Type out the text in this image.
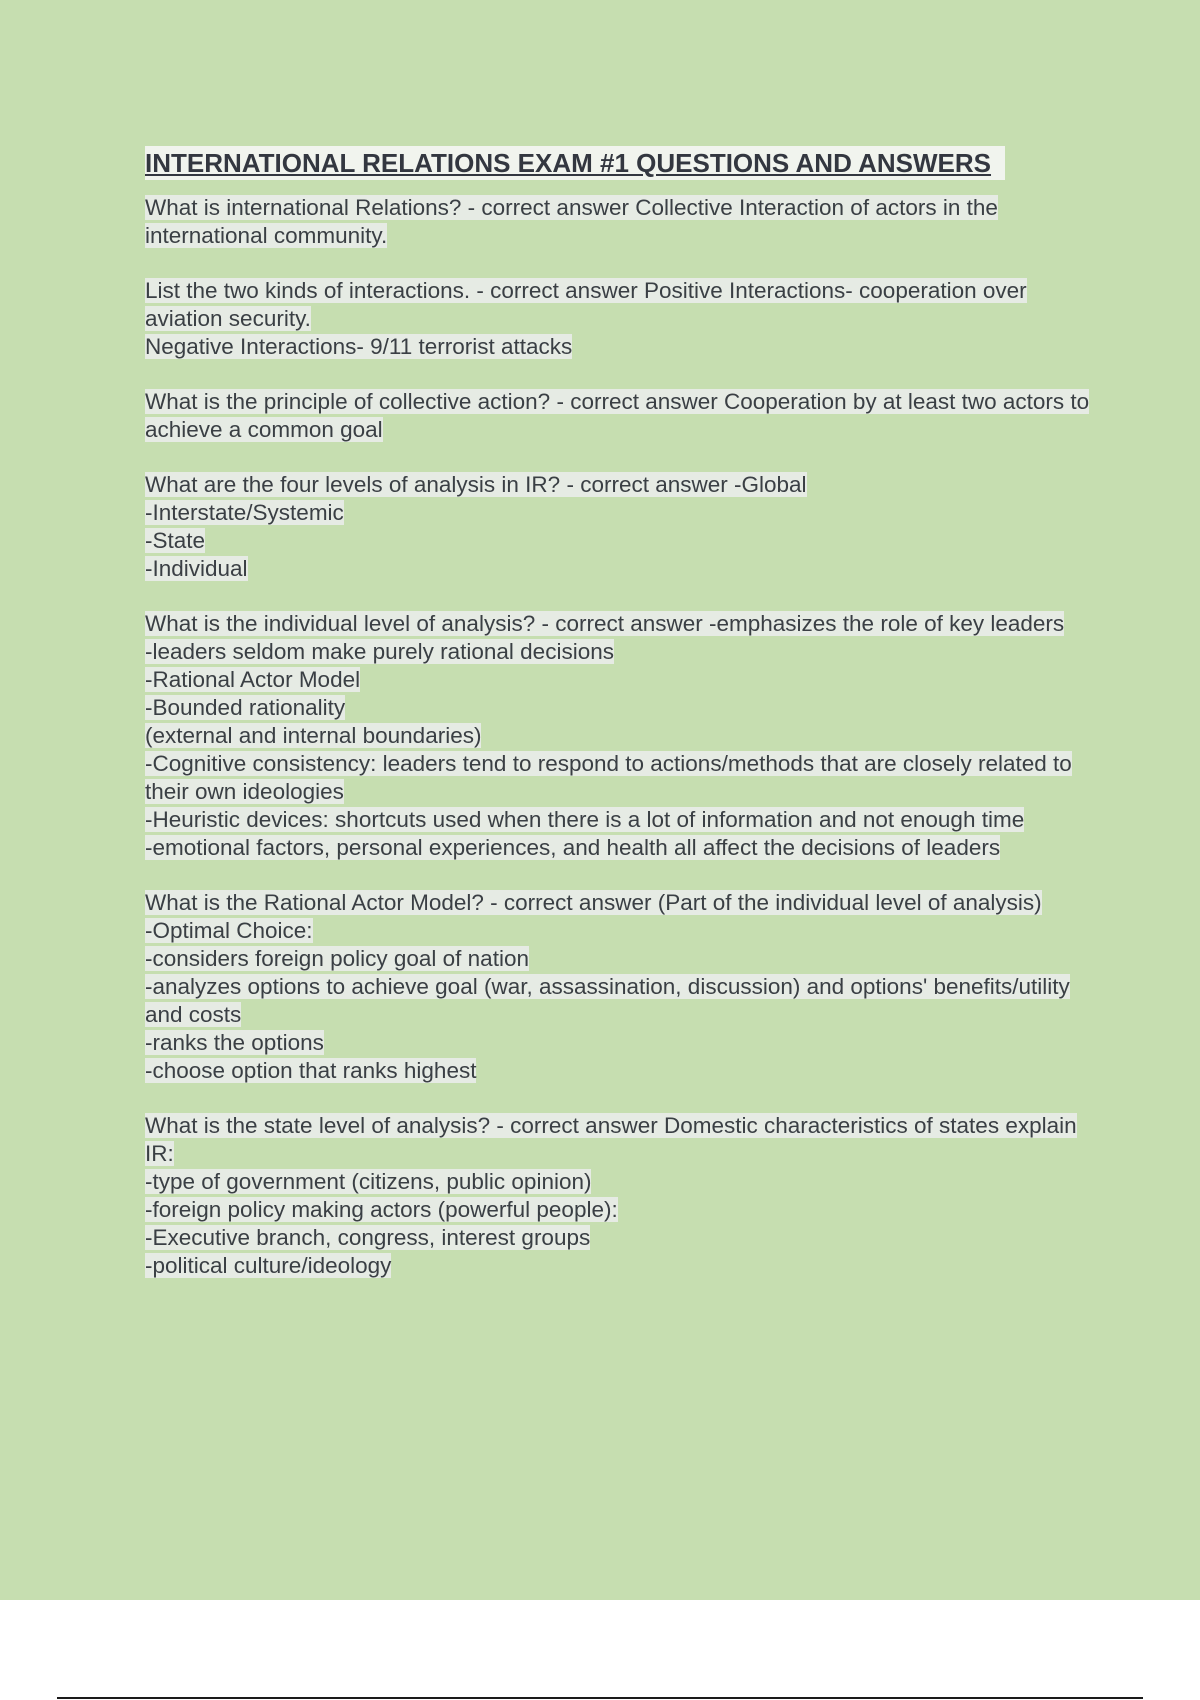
INTERNATIONAL RELATIONS EXAM #1 QUESTIONS AND ANSWERS
What is international Relations? - correct answer Collective Interaction of actors in the international community.
List the two kinds of interactions. - correct answer Positive Interactions- cooperation over aviation security.
Negative Interactions- 9/11 terrorist attacks
What is the principle of collective action? - correct answer Cooperation by at least two actors to achieve a common goal
What are the four levels of analysis in IR? - correct answer -Global
-Interstate/Systemic
-State
-Individual
What is the individual level of analysis? - correct answer -emphasizes the role of key leaders
-leaders seldom make purely rational decisions
-Rational Actor Model
-Bounded rationality
(external and internal boundaries)
-Cognitive consistency: leaders tend to respond to actions/methods that are closely related to their own ideologies
-Heuristic devices: shortcuts used when there is a lot of information and not enough time
-emotional factors, personal experiences, and health all affect the decisions of leaders
What is the Rational Actor Model? - correct answer (Part of the individual level of analysis)
-Optimal Choice:
-considers foreign policy goal of nation
-analyzes options to achieve goal (war, assassination, discussion) and options' benefits/utility and costs
-ranks the options
-choose option that ranks highest
What is the state level of analysis? - correct answer Domestic characteristics of states explain IR:
-type of government (citizens, public opinion)
-foreign policy making actors (powerful people):
-Executive branch, congress, interest groups
-political culture/ideology
